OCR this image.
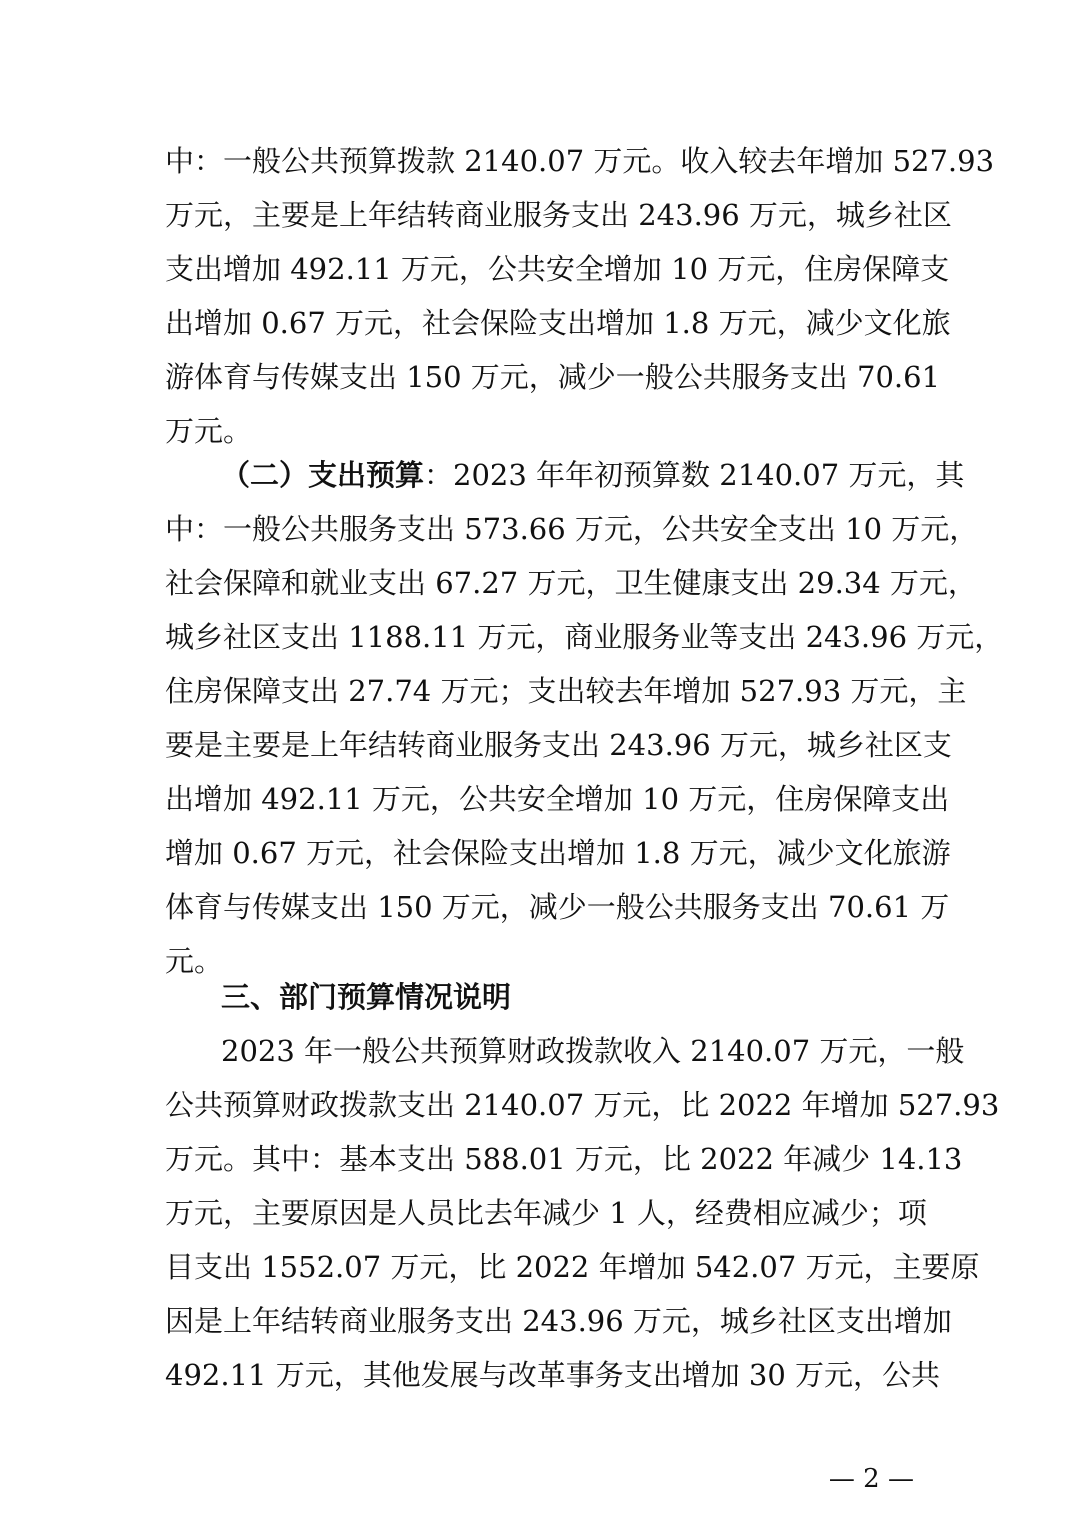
中：一般公共预算拨款 2140.07 万元。收入较去年增加 527.93
万元，主要是上年结转商业服务支出 243.96 万元，城乡社区
支出增加 492.11 万元，公共安全增加 10 万元，住房保障支
出增加 0.67 万元，社会保险支出增加 1.8 万元，减少文化旅
游体育与传媒支出 150 万元，减少一般公共服务支出 70.61
万元。
（二）支出预算：2023 年年初预算数 2140.07 万元，其
中：一般公共服务支出 573.66 万元，公共安全支出 10 万元，
社会保障和就业支出 67.27 万元，卫生健康支出 29.34 万元，
城乡社区支出 1188.11 万元，商业服务业等支出 243.96 万元，
住房保障支出 27.74 万元；支出较去年增加 527.93 万元，主
要是主要是上年结转商业服务支出 243.96 万元，城乡社区支
出增加 492.11 万元，公共安全增加 10 万元，住房保障支出
增加 0.67 万元，社会保险支出增加 1.8 万元，减少文化旅游
体育与传媒支出 150 万元，减少一般公共服务支出 70.61 万
元。
三、部门预算情况说明
2023 年一般公共预算财政拨款收入 2140.07 万元，一般
公共预算财政拨款支出 2140.07 万元，比 2022 年增加 527.93
万元。其中：基本支出 588.01 万元，比 2022 年减少 14.13
万元，主要原因是人员比去年减少 1 人，经费相应减少；项
目支出 1552.07 万元，比 2022 年增加 542.07 万元，主要原
因是上年结转商业服务支出 243.96 万元，城乡社区支出增加
492.11 万元，其他发展与改革事务支出增加 30 万元，公共
— 2 —
